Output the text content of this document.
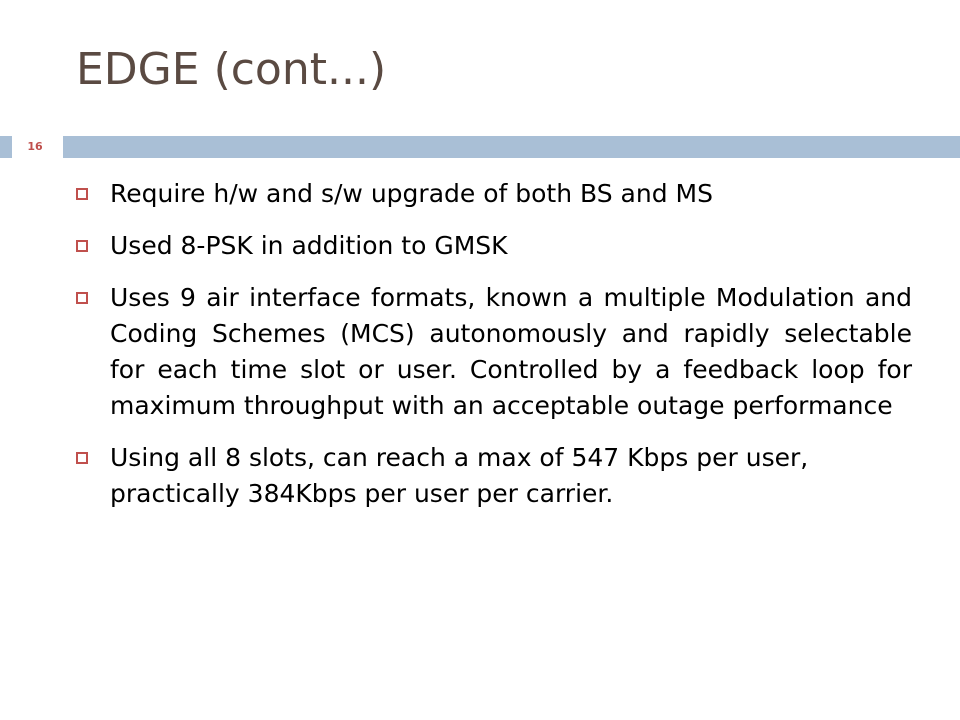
EDGE (cont...)
16
Require h/w and s/w upgrade of both BS and MS
Used 8-PSK in addition to GMSK
Uses 9 air interface formats, known a multiple Modulation and Coding Schemes (MCS) autonomously and rapidly selectable for each time slot or user. Controlled by a feedback loop for maximum throughput with an acceptable outage performance
Using all 8 slots, can reach a max of 547 Kbps per user, practically 384Kbps per user per carrier.
